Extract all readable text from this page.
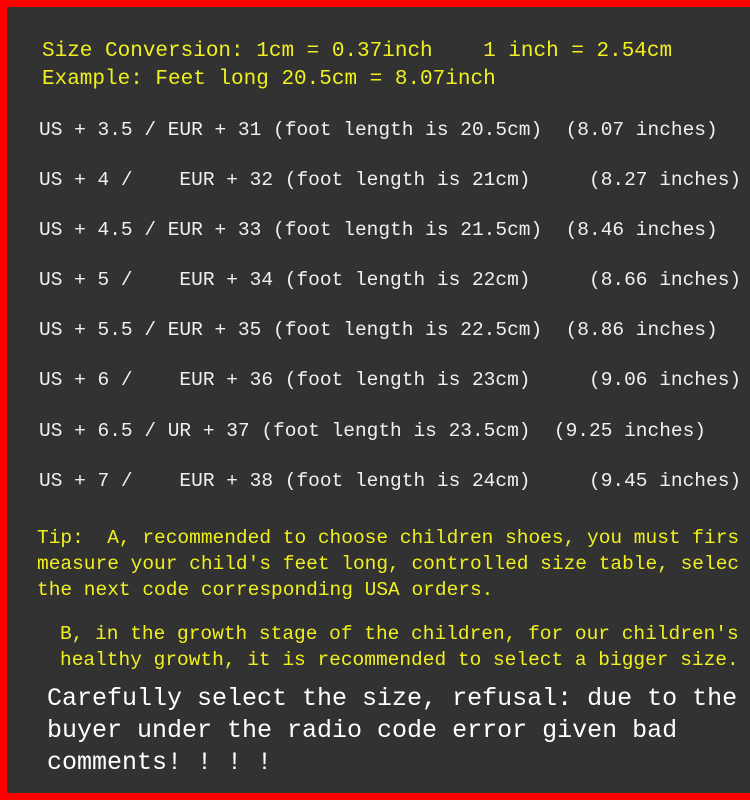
Size Conversion: 1cm = 0.37inch    1 inch = 2.54cm
Example: Feet long 20.5cm = 8.07inch
US + 3.5 / EUR + 31 (foot length is 20.5cm)  (8.07 inches)
US + 4 /    EUR + 32 (foot length is 21cm)     (8.27 inches)
US + 4.5 / EUR + 33 (foot length is 21.5cm)  (8.46 inches)
US + 5 /    EUR + 34 (foot length is 22cm)     (8.66 inches)
US + 5.5 / EUR + 35 (foot length is 22.5cm)  (8.86 inches)
US + 6 /    EUR + 36 (foot length is 23cm)     (9.06 inches)
US + 6.5 / UR + 37 (foot length is 23.5cm)  (9.25 inches)
US + 7 /    EUR + 38 (foot length is 24cm)     (9.45 inches)
Tip:  A, recommended to choose children shoes, you must firs
measure your child's feet long, controlled size table, selec
the next code corresponding USA orders.
B, in the growth stage of the children, for our children's
healthy growth, it is recommended to select a bigger size.
Carefully select the size, refusal: due to the
buyer under the radio code error given bad
comments! ! ! !
